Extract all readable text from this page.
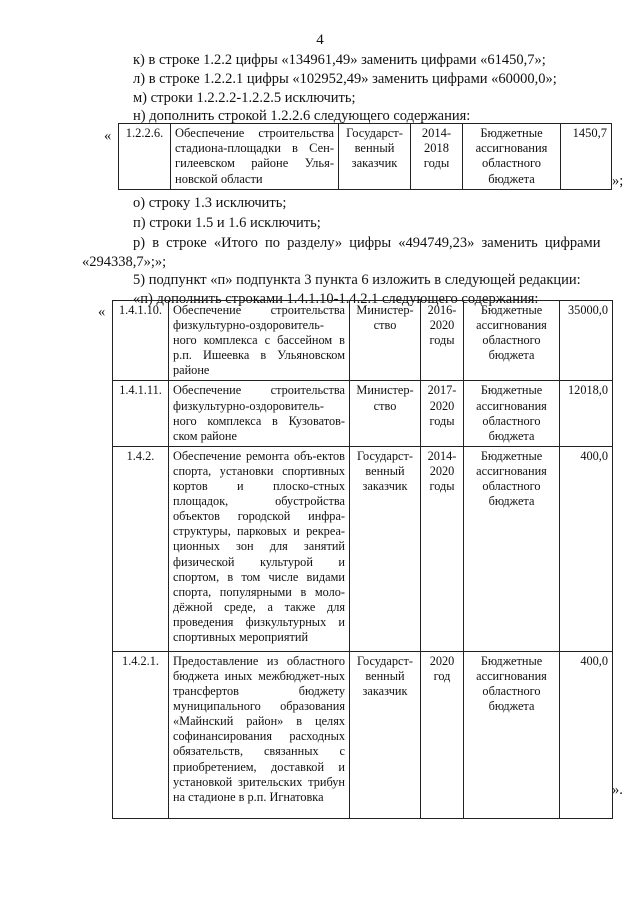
4
к) в строке 1.2.2 цифры «134961,49» заменить цифрами «61450,7»;
л) в строке 1.2.2.1 цифры «102952,49» заменить цифрами «60000,0»;
м) строки 1.2.2.2-1.2.2.5 исключить;
н) дополнить строкой 1.2.2.6 следующего содержания:
« 1.2.2.6.	Обеспечение строительства стадиона-площадки в Сен-гилеевском районе Улья-новской области	Государст-венный заказчик	2014-2018 годы	Бюджетные ассигнования областного бюджета	1450,7
»;
о) строку 1.3 исключить;
п) строки 1.5 и 1.6 исключить;
р) в строке «Итого по разделу» цифры «494749,23» заменить цифрами
«294338,7»;»;
5) подпункт «п» подпункта 3 пункта 6 изложить в следующей редакции:
«п) дополнить строками 1.4.1.10-1.4.2.1 следующего содержания:
« 1.4.1.10.	Обеспечение строительства физкультурно-оздоровитель-ного комплекса с бассейном в р.п. Ишеевка в Ульяновском районе	Министер-ство	2016-2020 годы	Бюджетные ассигнования областного бюджета	35000,0
1.4.1.11.	Обеспечение строительства физкультурно-оздоровитель-ного комплекса в Кузоватов-ском районе	Министер-ство	2017-2020 годы	Бюджетные ассигнования областного бюджета	12018,0
1.4.2.	Обеспечение ремонта объ-ектов спорта, установки спортивных кортов и плоско-стных площадок, обустройства объектов городской инфра-структуры, парковых и рекреа-ционных зон для занятий физической культурой и спортом, в том числе видами спорта, популярными в моло-дёжной среде, а также для проведения физкультурных и спортивных мероприятий	Государст-венный заказчик	2014-2020 годы	Бюджетные ассигнования областного бюджета	400,0
1.4.2.1.	Предоставление из областного бюджета иных межбюджет-ных трансфертов бюджету муниципального образования «Майнский район» в целях софинансирования расходных обязательств, связанных с приобретением, доставкой и установкой зрительских трибун на стадионе в р.п. Игнатовка	Государст-венный заказчик	2020 год	Бюджетные ассигнования областного бюджета	400,0
».
